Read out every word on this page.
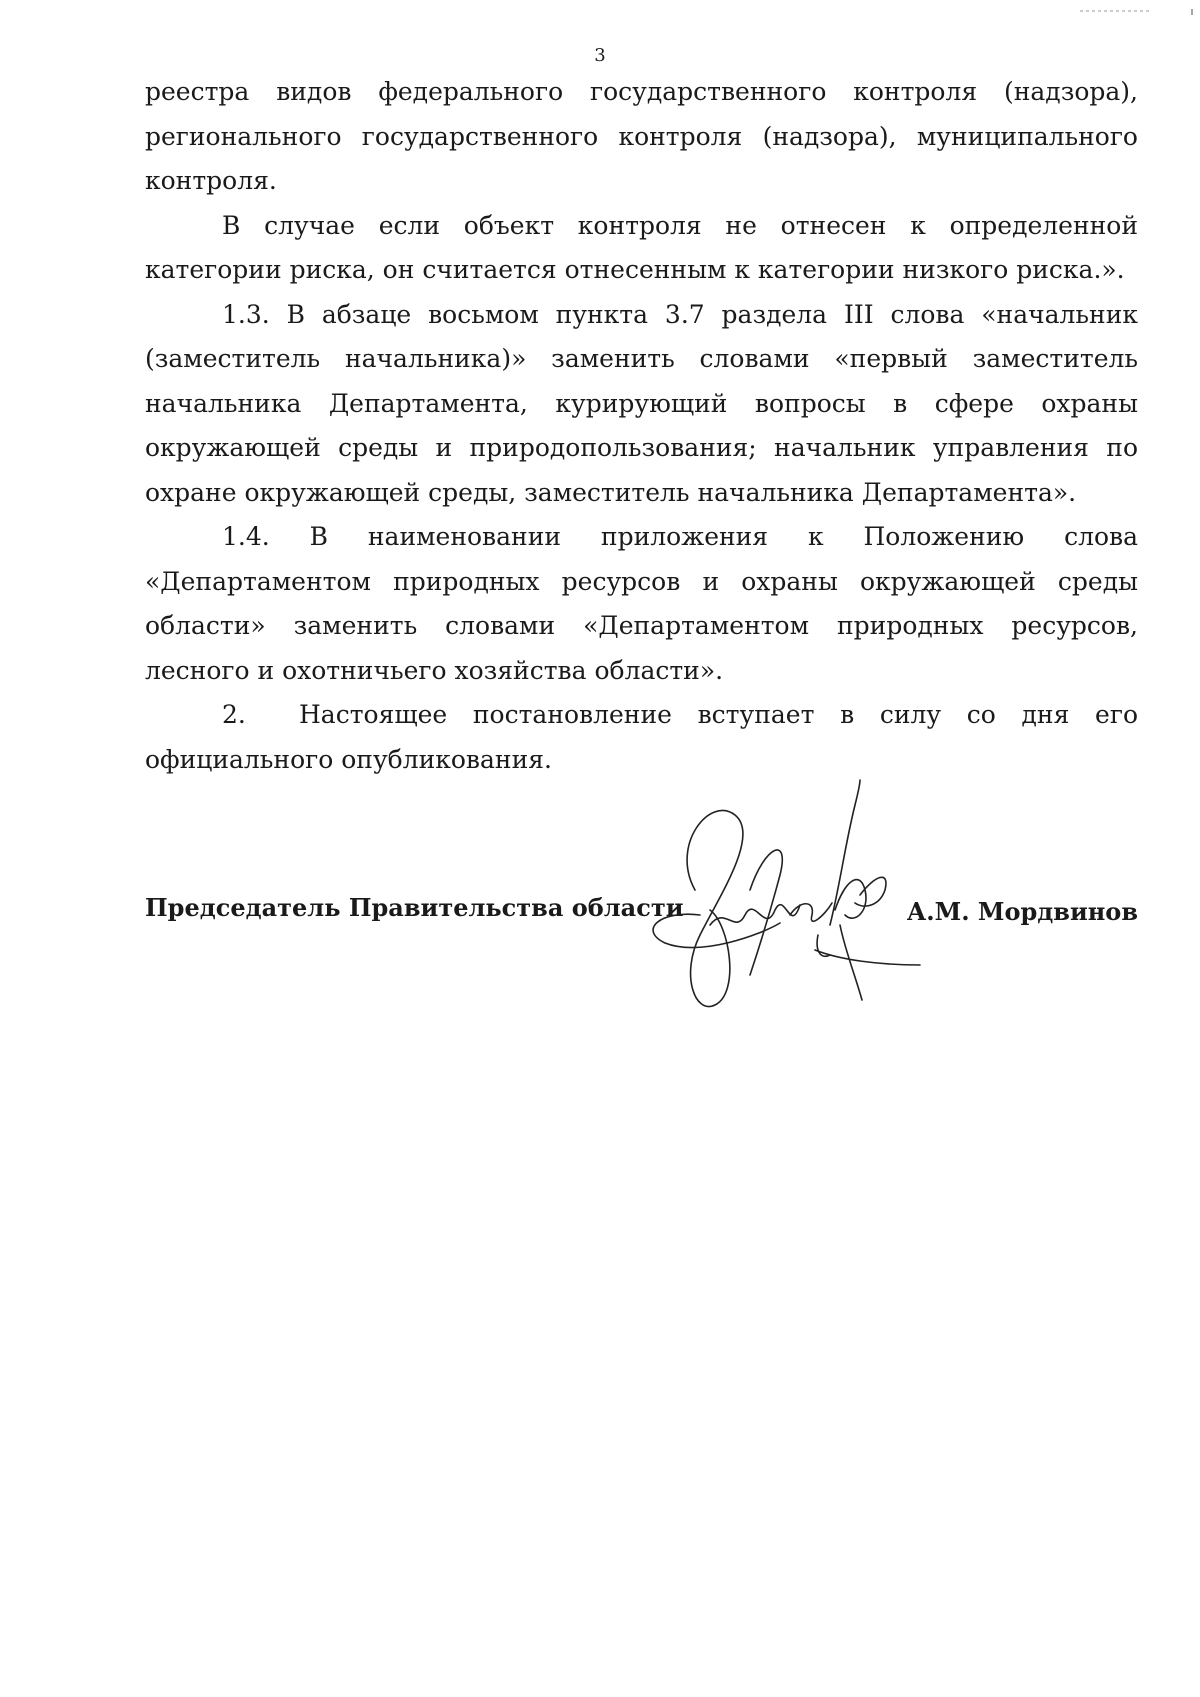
3

реестра видов федерального государственного контроля (надзора), регионального государственного контроля (надзора), муниципального контроля.

В случае если объект контроля не отнесен к определенной категории риска, он считается отнесенным к категории низкого риска.».

1.3. В абзаце восьмом пункта 3.7 раздела III слова «начальник (заместитель начальника)» заменить словами «первый заместитель начальника Департамента, курирующий вопросы в сфере охраны окружающей среды и природопользования; начальник управления по охране окружающей среды, заместитель начальника Департамента».

1.4. В наименовании приложения к Положению слова «Департаментом природных ресурсов и охраны окружающей среды области» заменить словами «Департаментом природных ресурсов, лесного и охотничьего хозяйства области».

2. Настоящее постановление вступает в силу со дня его официального опубликования.

Председатель Правительства области	А.М. Мордвинов
